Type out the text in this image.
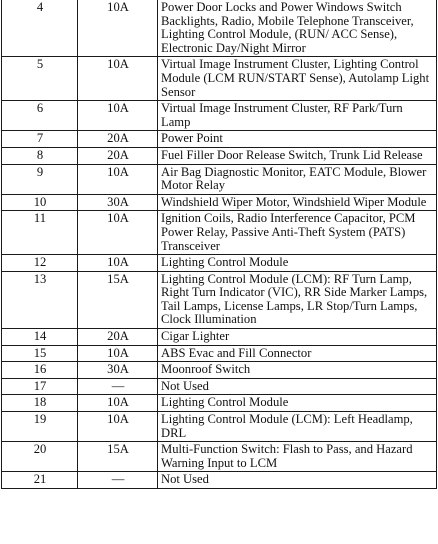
4	10A	Power Door Locks and Power Windows Switch Backlights, Radio, Mobile Telephone Transceiver, Lighting Control Module, (RUN/ ACC Sense), Electronic Day/Night Mirror
5	10A	Virtual Image Instrument Cluster, Lighting Control Module (LCM RUN/START Sense), Autolamp Light Sensor
6	10A	Virtual Image Instrument Cluster, RF Park/Turn Lamp
7	20A	Power Point
8	20A	Fuel Filler Door Release Switch, Trunk Lid Release
9	10A	Air Bag Diagnostic Monitor, EATC Module, Blower Motor Relay
10	30A	Windshield Wiper Motor, Windshield Wiper Module
11	10A	Ignition Coils, Radio Interference Capacitor, PCM Power Relay, Passive Anti-Theft System (PATS) Transceiver
12	10A	Lighting Control Module
13	15A	Lighting Control Module (LCM): RF Turn Lamp, Right Turn Indicator (VIC), RR Side Marker Lamps, Tail Lamps, License Lamps, LR Stop/Turn Lamps, Clock Illumination
14	20A	Cigar Lighter
15	10A	ABS Evac and Fill Connector
16	30A	Moonroof Switch
17	—	Not Used
18	10A	Lighting Control Module
19	10A	Lighting Control Module (LCM): Left Headlamp, DRL
20	15A	Multi-Function Switch: Flash to Pass, and Hazard Warning Input to LCM
21	—	Not Used
